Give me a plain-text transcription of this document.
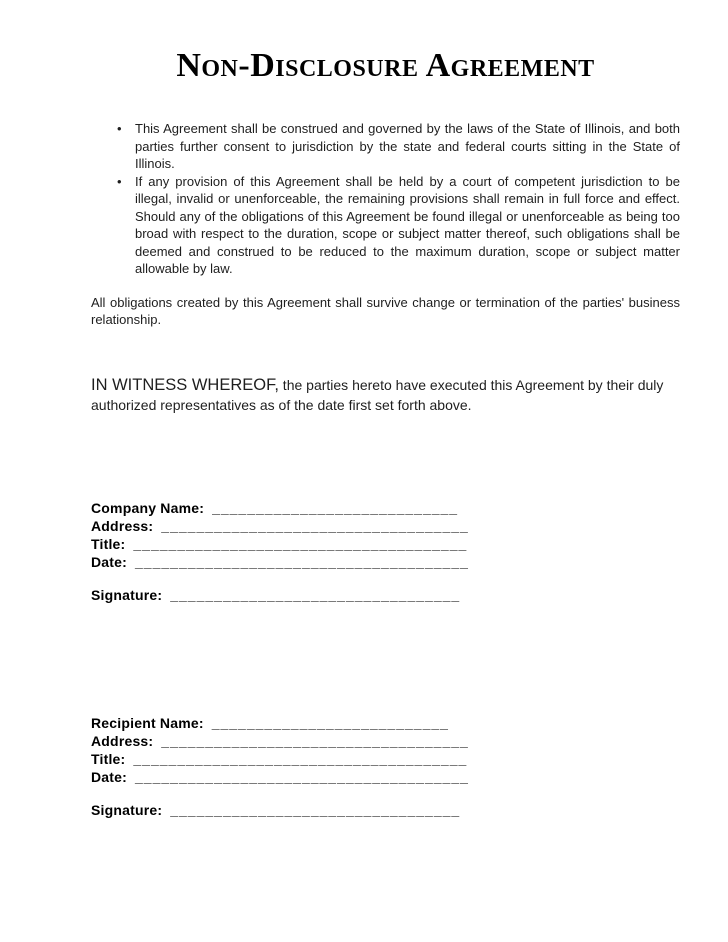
Non-Disclosure Agreement
• This Agreement shall be construed and governed by the laws of the State of Illinois, and both parties further consent to jurisdiction by the state and federal courts sitting in the State of Illinois.
• If any provision of this Agreement shall be held by a court of competent jurisdiction to be illegal, invalid or unenforceable, the remaining provisions shall remain in full force and effect. Should any of the obligations of this Agreement be found illegal or unenforceable as being too broad with respect to the duration, scope or subject matter thereof, such obligations shall be deemed and construed to be reduced to the maximum duration, scope or subject matter allowable by law.

All obligations created by this Agreement shall survive change or termination of the parties' business relationship.

IN WITNESS WHEREOF, the parties hereto have executed this Agreement by their duly authorized representatives as of the date first set forth above.

Company Name: ____________________________
Address: ___________________________________
Title: ______________________________________
Date: ______________________________________
Signature: _________________________________
Recipient Name: ___________________________
Address: ___________________________________
Title: ______________________________________
Date: ______________________________________
Signature: _________________________________
